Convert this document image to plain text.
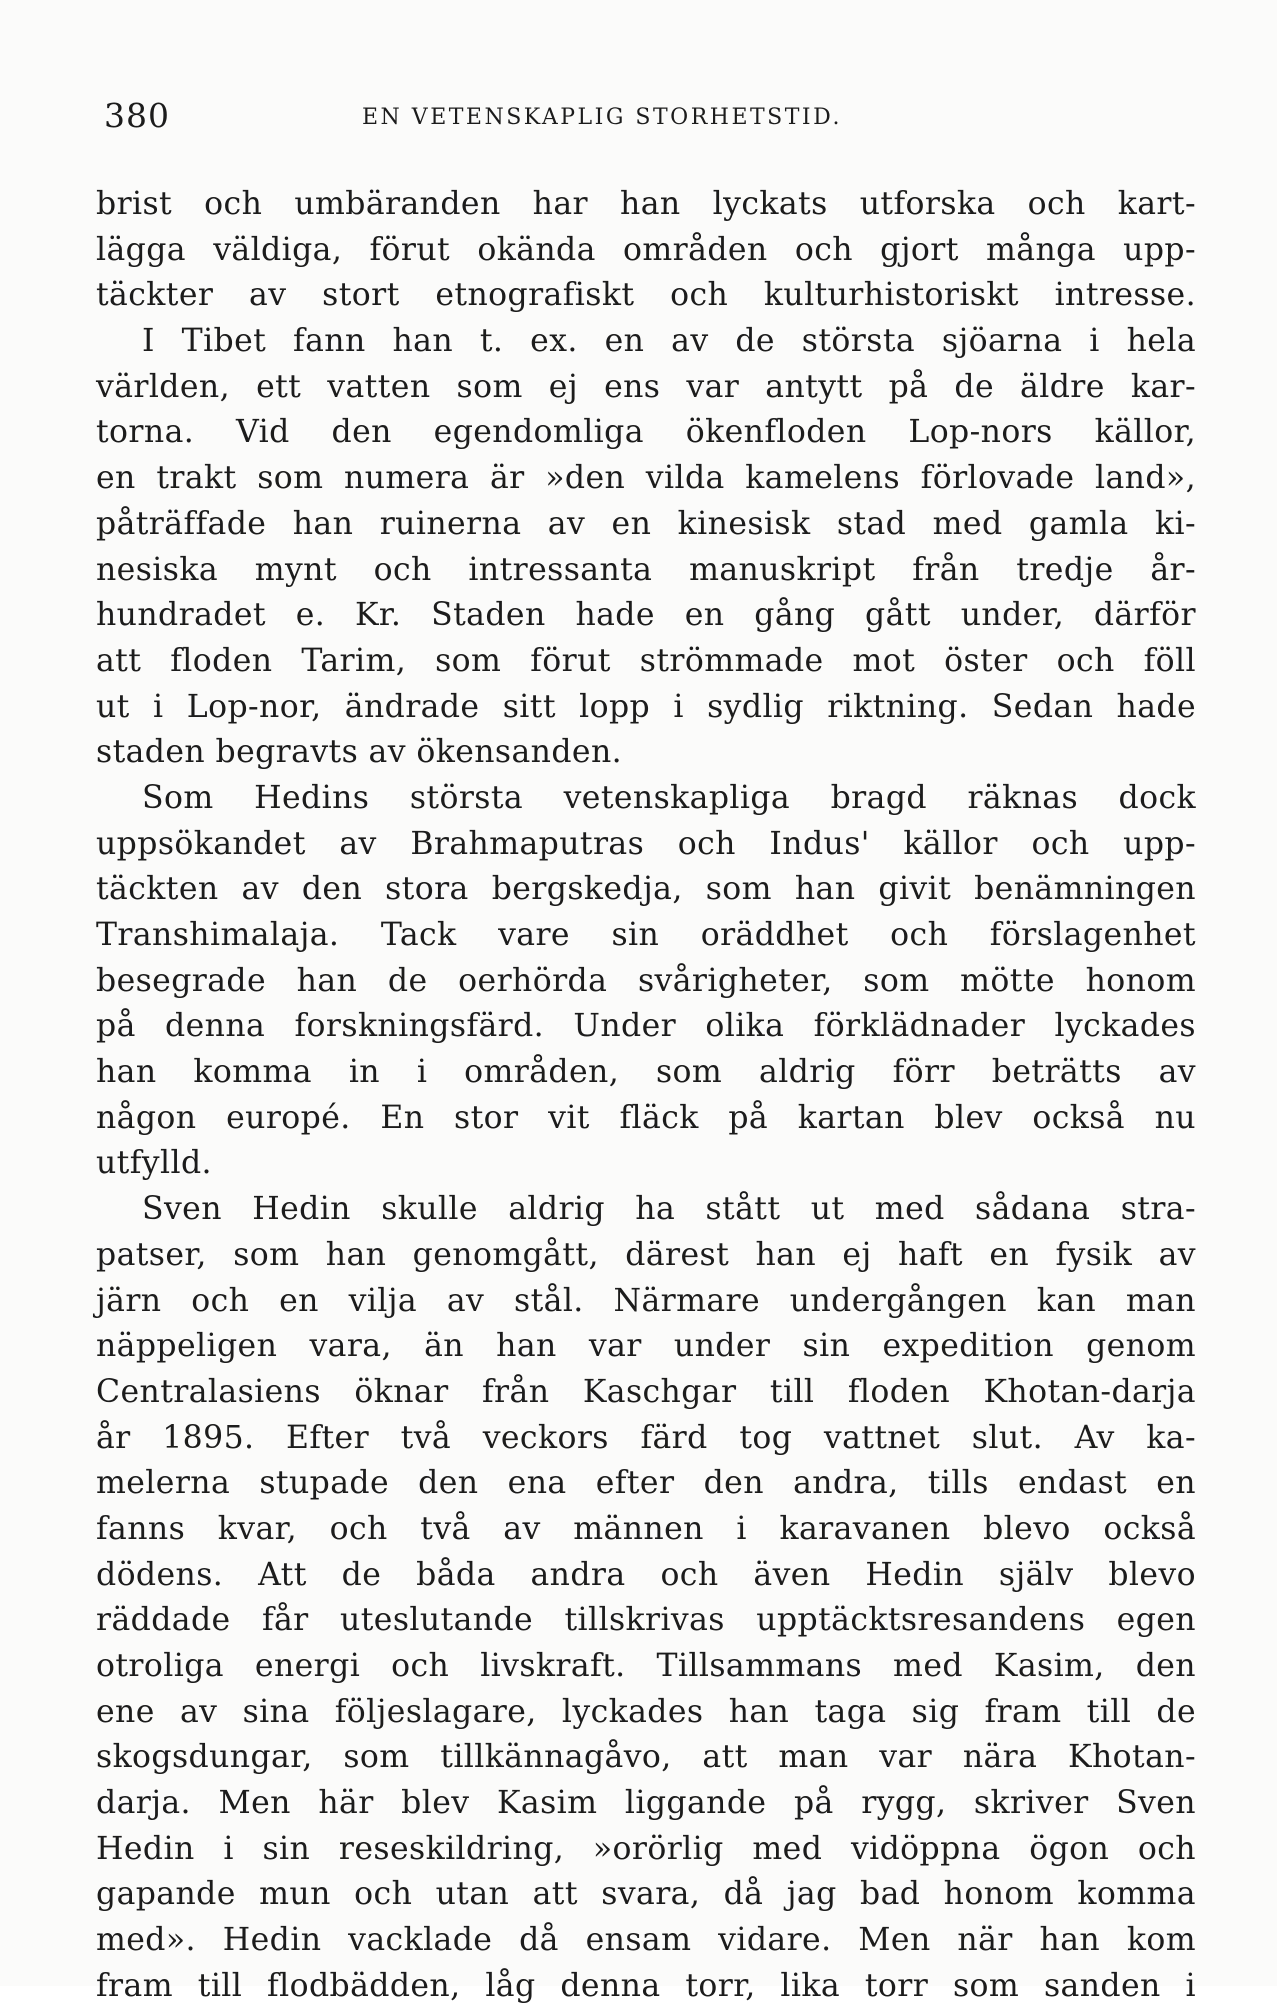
380	EN VETENSKAPLIG STORHETSTID.
brist och umbäranden har han lyckats utforska och kart-
lägga väldiga, förut okända områden och gjort många upp-
täckter av stort etnografiskt och kulturhistoriskt intresse.
I Tibet fann han t. ex. en av de största sjöarna i hela
världen, ett vatten som ej ens var antytt på de äldre kar-
torna. Vid den egendomliga ökenfloden Lop-nors källor,
en trakt som numera är »den vilda kamelens förlovade land»,
påträffade han ruinerna av en kinesisk stad med gamla ki-
nesiska mynt och intressanta manuskript från tredje år-
hundradet e. Kr. Staden hade en gång gått under, därför
att floden Tarim, som förut strömmade mot öster och föll
ut i Lop-nor, ändrade sitt lopp i sydlig riktning. Sedan hade
staden begravts av ökensanden.
Som Hedins största vetenskapliga bragd räknas dock
uppsökandet av Brahmaputras och Indus' källor och upp-
täckten av den stora bergskedja, som han givit benämningen
Transhimalaja. Tack vare sin oräddhet och förslagenhet
besegrade han de oerhörda svårigheter, som mötte honom
på denna forskningsfärd. Under olika förklädnader lyckades
han komma in i områden, som aldrig förr beträtts av
någon europé. En stor vit fläck på kartan blev också nu
utfylld.
Sven Hedin skulle aldrig ha stått ut med sådana stra-
patser, som han genomgått, därest han ej haft en fysik av
järn och en vilja av stål. Närmare undergången kan man
näppeligen vara, än han var under sin expedition genom
Centralasiens öknar från Kaschgar till floden Khotan-darja
år 1895. Efter två veckors färd tog vattnet slut. Av ka-
melerna stupade den ena efter den andra, tills endast en
fanns kvar, och två av männen i karavanen blevo också
dödens. Att de båda andra och även Hedin själv blevo
räddade får uteslutande tillskrivas upptäcktsresandens egen
otroliga energi och livskraft. Tillsammans med Kasim, den
ene av sina följeslagare, lyckades han taga sig fram till de
skogsdungar, som tillkännagåvo, att man var nära Khotan-
darja. Men här blev Kasim liggande på rygg, skriver Sven
Hedin i sin reseskildring, »orörlig med vidöppna ögon och
gapande mun och utan att svara, då jag bad honom komma
med». Hedin vacklade då ensam vidare. Men när han kom
fram till flodbädden, låg denna torr, lika torr som sanden i
